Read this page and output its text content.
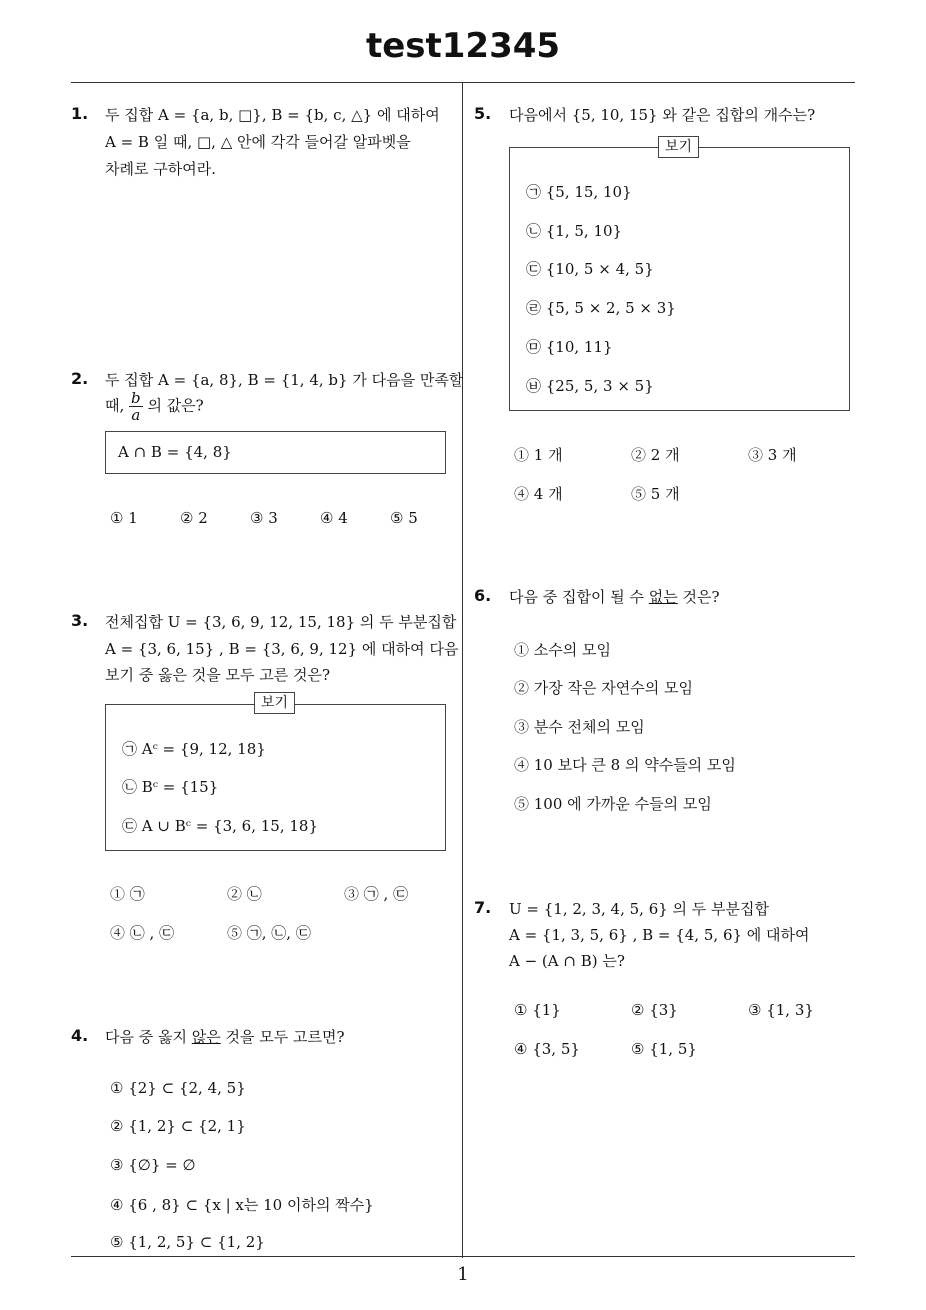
test12345
1
1. 두 집합 A = {a, b, □}, B = {b, c, △} 에 대하여
A = B 일 때, □, △ 안에 각각 들어갈 알파벳을
차례로 구하여라.
2. 두 집합 A = {a, 8}, B = {1, 4, b} 가 다음을 만족할
때, $\frac{b}{a}$ 의 값은?
A ∩ B = {4, 8}
① 1	② 2	③ 3	④ 4	⑤ 5
3. 전체집합 U = {3, 6, 9, 12, 15, 18} 의 두 부분집합
A = {3, 6, 15} , B = {3, 6, 9, 12} 에 대하여 다음
보기 중 옳은 것을 모두 고른 것은?
㉠ Aᶜ = {9, 12, 18}
㉡ Bᶜ = {15}
㉢ A ∪ Bᶜ = {3, 6, 15, 18}
보기
① ㉠	② ㉡	③ ㉠ , ㉢
④ ㉡ , ㉢	⑤ ㉠, ㉡, ㉢
4. 다음 중 옳지 않은 것을 모두 고르면?
① {2} ⊂ {2, 4, 5}
② {1, 2} ⊂ {2, 1}
③ {∅} = ∅
④ {6 , 8} ⊂ {x | x는 10 이하의 짝수}
⑤ {1, 2, 5} ⊂ {1, 2}
5. 다음에서 {5, 10, 15} 와 같은 집합의 개수는?
㉠ {5, 15, 10}
㉡ {1, 5, 10}
㉢ {10, 5 × 4, 5}
㉣ {5, 5 × 2, 5 × 3}
㉤ {10, 11}
㉥ {25, 5, 3 × 5}
보기
① 1 개	② 2 개	③ 3 개
④ 4 개	⑤ 5 개
6. 다음 중 집합이 될 수 없는 것은?
① 소수의 모임
② 가장 작은 자연수의 모임
③ 분수 전체의 모임
④ 10 보다 큰 8 의 약수들의 모임
⑤ 100 에 가까운 수들의 모임
7. U = {1, 2, 3, 4, 5, 6} 의 두 부분집합
A = {1, 3, 5, 6} , B = {4, 5, 6} 에 대하여
A − (A ∩ B) 는?
① {1}	② {3}	③ {1, 3}
④ {3, 5}	⑤ {1, 5}
